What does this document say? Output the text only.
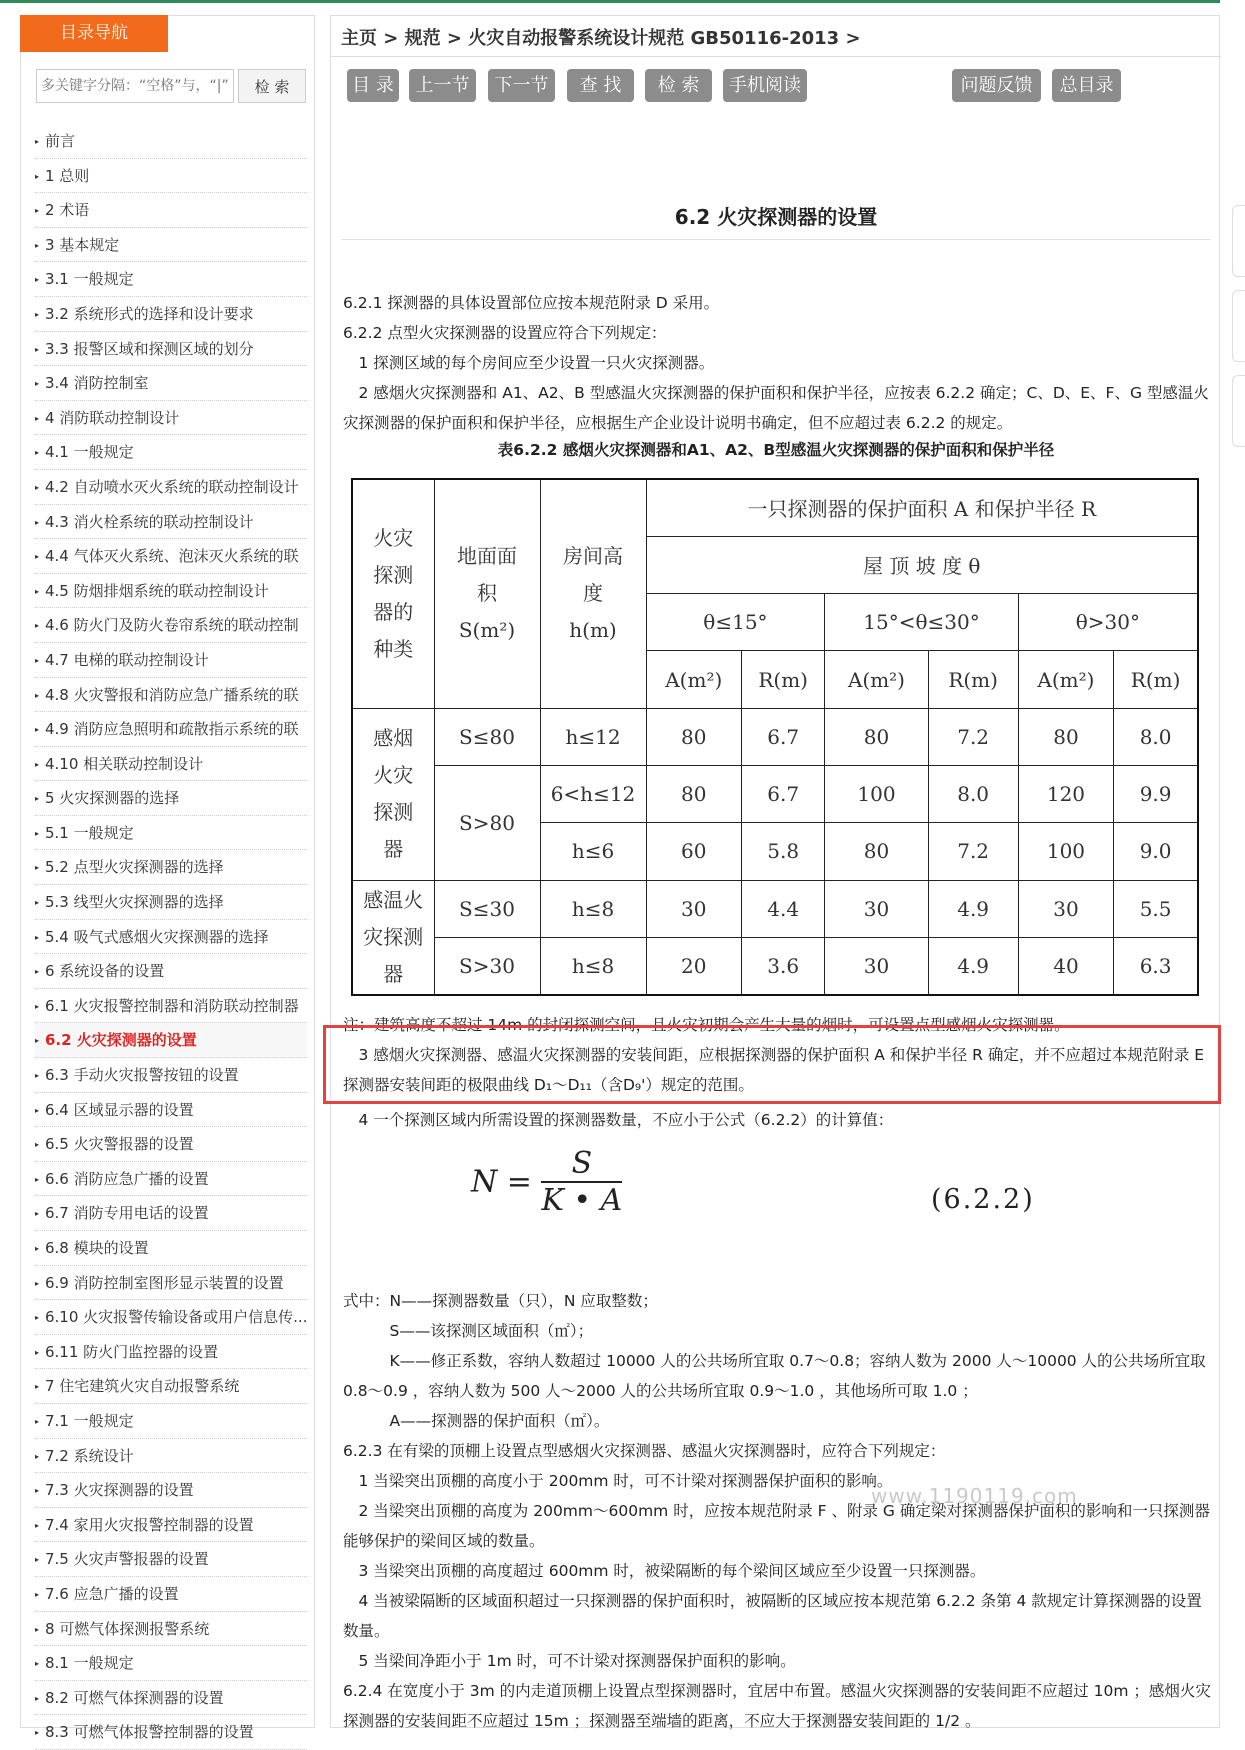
目录导航
多关键字分隔：“空格”与，“|”或
检 索
▸ 前言
▸ 1 总则
▸ 2 术语
▸ 3 基本规定
▸ 3.1 一般规定
▸ 3.2 系统形式的选择和设计要求
▸ 3.3 报警区域和探测区域的划分
▸ 3.4 消防控制室
▸ 4 消防联动控制设计
▸ 4.1 一般规定
▸ 4.2 自动喷水灭火系统的联动控制设计
▸ 4.3 消火栓系统的联动控制设计
▸ 4.4 气体灭火系统、泡沫灭火系统的联
▸ 4.5 防烟排烟系统的联动控制设计
▸ 4.6 防火门及防火卷帘系统的联动控制
▸ 4.7 电梯的联动控制设计
▸ 4.8 火灾警报和消防应急广播系统的联
▸ 4.9 消防应急照明和疏散指示系统的联
▸ 4.10 相关联动控制设计
▸ 5 火灾探测器的选择
▸ 5.1 一般规定
▸ 5.2 点型火灾探测器的选择
▸ 5.3 线型火灾探测器的选择
▸ 5.4 吸气式感烟火灾探测器的选择
▸ 6 系统设备的设置
▸ 6.1 火灾报警控制器和消防联动控制器
▸ 6.2 火灾探测器的设置
▸ 6.3 手动火灾报警按钮的设置
▸ 6.4 区域显示器的设置
▸ 6.5 火灾警报器的设置
▸ 6.6 消防应急广播的设置
▸ 6.7 消防专用电话的设置
▸ 6.8 模块的设置
▸ 6.9 消防控制室图形显示装置的设置
▸ 6.10 火灾报警传输设备或用户信息传...
▸ 6.11 防火门监控器的设置
▸ 7 住宅建筑火灾自动报警系统
▸ 7.1 一般规定
▸ 7.2 系统设计
▸ 7.3 火灾探测器的设置
▸ 7.4 家用火灾报警控制器的设置
▸ 7.5 火灾声警报器的设置
▸ 7.6 应急广播的设置
▸ 8 可燃气体探测报警系统
▸ 8.1 一般规定
▸ 8.2 可燃气体探测器的设置
▸ 8.3 可燃气体报警控制器的设置
主页 > 规范 > 火灾自动报警系统设计规范 GB50116-2013 >
目 录	上一节	下一节	查 找	检 索	手机阅读	问题反馈	总目录
6.2 火灾探测器的设置
6.2.1 探测器的具体设置部位应按本规范附录 D 采用。
6.2.2 点型火灾探测器的设置应符合下列规定：
　1 探测区域的每个房间应至少设置一只火灾探测器。
　2 感烟火灾探测器和 A1、A2、B 型感温火灾探测器的保护面积和保护半径，应按表 6.2.2 确定；C、D、E、F、G 型感温火灾探测器的保护面积和保护半径，应根据生产企业设计说明书确定，但不应超过表 6.2.2 的规定。
表6.2.2 感烟火灾探测器和A1、A2、B型感温火灾探测器的保护面积和保护半径
火灾探测器的种类	地面面积S(m²)	房间高度h(m)	一只探测器的保护面积 A 和保护半径 R					
			屋 顶 坡 度 θ					
			θ≤15°		15°<θ≤30°		θ>30°	
			A(m²)	R(m)	A(m²)	R(m)	A(m²)	R(m)
感烟火灾探测器	S≤80	h≤12	80	6.7	80	7.2	80	8.0
	S>80	6<h≤12	80	6.7	100	8.0	120	9.9
		h≤6	60	5.8	80	7.2	100	9.0
感温火灾探测器	S≤30	h≤8	30	4.4	30	4.9	30	5.5
	S>30	h≤8	20	3.6	30	4.9	40	6.3
注：建筑高度不超过 14m 的封闭探测空间，且火灾初期会产生大量的烟时，可设置点型感烟火灾探测器。
　3 感烟火灾探测器、感温火灾探测器的安装间距，应根据探测器的保护面积 A 和保护半径 R 确定，并不应超过本规范附录 E 探测器安装间距的极限曲线 D₁～D₁₁（含D₉'）规定的范围。
　4 一个探测区域内所需设置的探测器数量，不应小于公式（6.2.2）的计算值：
$N = \frac{S}{K • A}$	(6.2.2)
式中：N——探测器数量（只），N 应取整数；
　　　S——该探测区域面积（㎡）；
　　　K——修正系数，容纳人数超过 10000 人的公共场所宜取 0.7～0.8；容纳人数为 2000 人～10000 人的公共场所宜取 0.8～0.9 ，容纳人数为 500 人～2000 人的公共场所宜取 0.9～1.0 ，其他场所可取 1.0 ；
　　　A——探测器的保护面积（㎡）。
6.2.3 在有梁的顶棚上设置点型感烟火灾探测器、感温火灾探测器时，应符合下列规定：
　1 当梁突出顶棚的高度小于 200mm 时，可不计梁对探测器保护面积的影响。
　2 当梁突出顶棚的高度为 200mm～600mm 时，应按本规范附录 F 、附录 G 确定梁对探测器保护面积的影响和一只探测器能够保护的梁间区域的数量。
　3 当梁突出顶棚的高度超过 600mm 时，被梁隔断的每个梁间区域应至少设置一只探测器。
　4 当被梁隔断的区域面积超过一只探测器的保护面积时，被隔断的区域应按本规范第 6.2.2 条第 4 款规定计算探测器的设置数量。
　5 当梁间净距小于 1m 时，可不计梁对探测器保护面积的影响。
6.2.4 在宽度小于 3m 的内走道顶棚上设置点型探测器时，宜居中布置。感温火灾探测器的安装间距不应超过 10m ；感烟火灾探测器的安装间距不应超过 15m ；探测器至端墙的距离，不应大于探测器安装间距的 1/2 。
www.1190119.com
